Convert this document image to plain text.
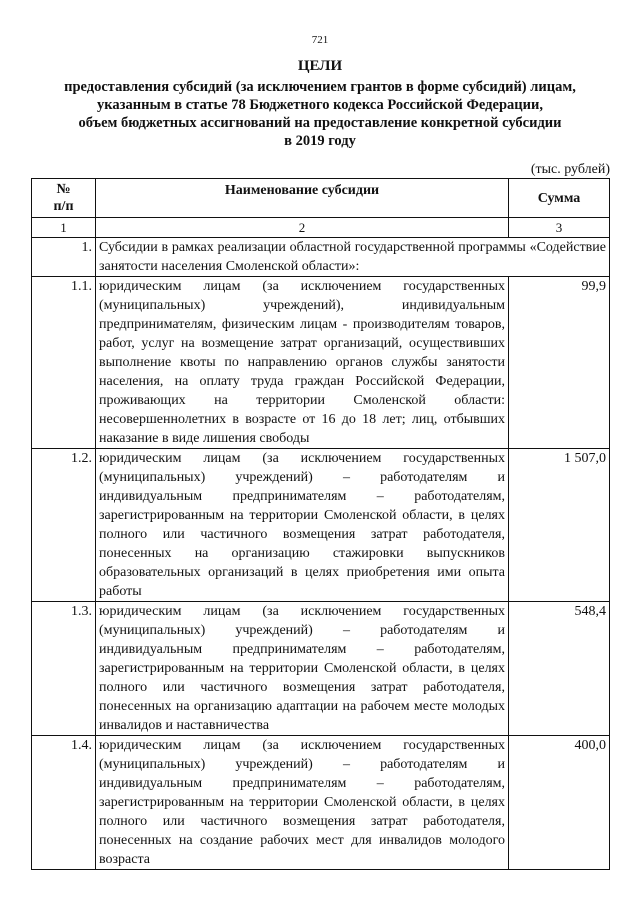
721
ЦЕЛИ
предоставления субсидий (за исключением грантов в форме субсидий) лицам,
указанным в статье 78 Бюджетного кодекса Российской Федерации,
объем бюджетных ассигнований на предоставление конкретной субсидии
в 2019 году
(тыс. рублей)
№
п/п	Наименование субсидии	Сумма
1	2	3
1.	Субсидии в рамках реализации областной государственной программы «Содействие занятости населения Смоленской области»:	
1.1.	юридическим лицам (за исключением государственных (муниципальных) учреждений), индивидуальным предпринимателям, физическим лицам - производителям товаров, работ, услуг на возмещение затрат организаций, осуществивших выполнение квоты по направлению органов службы занятости населения, на оплату труда граждан Российской Федерации, проживающих на территории Смоленской области: несовершеннолетних в возрасте от 16 до 18 лет; лиц, отбывших наказание в виде лишения свободы	99,9
1.2.	юридическим лицам (за исключением государственных (муниципальных) учреждений) – работодателям и индивидуальным предпринимателям – работодателям, зарегистрированным на территории Смоленской области, в целях полного или частичного возмещения затрат работодателя, понесенных на организацию стажировки выпускников образовательных организаций в целях приобретения ими опыта работы	1 507,0
1.3.	юридическим лицам (за исключением государственных (муниципальных) учреждений) – работодателям и индивидуальным предпринимателям – работодателям, зарегистрированным на территории Смоленской области, в целях полного или частичного возмещения затрат работодателя, понесенных на организацию адаптации на рабочем месте молодых инвалидов и наставничества	548,4
1.4.	юридическим лицам (за исключением государственных (муниципальных) учреждений) – работодателям и индивидуальным предпринимателям – работодателям, зарегистрированным на территории Смоленской области, в целях полного или частичного возмещения затрат работодателя, понесенных на создание рабочих мест для инвалидов молодого возраста	400,0
